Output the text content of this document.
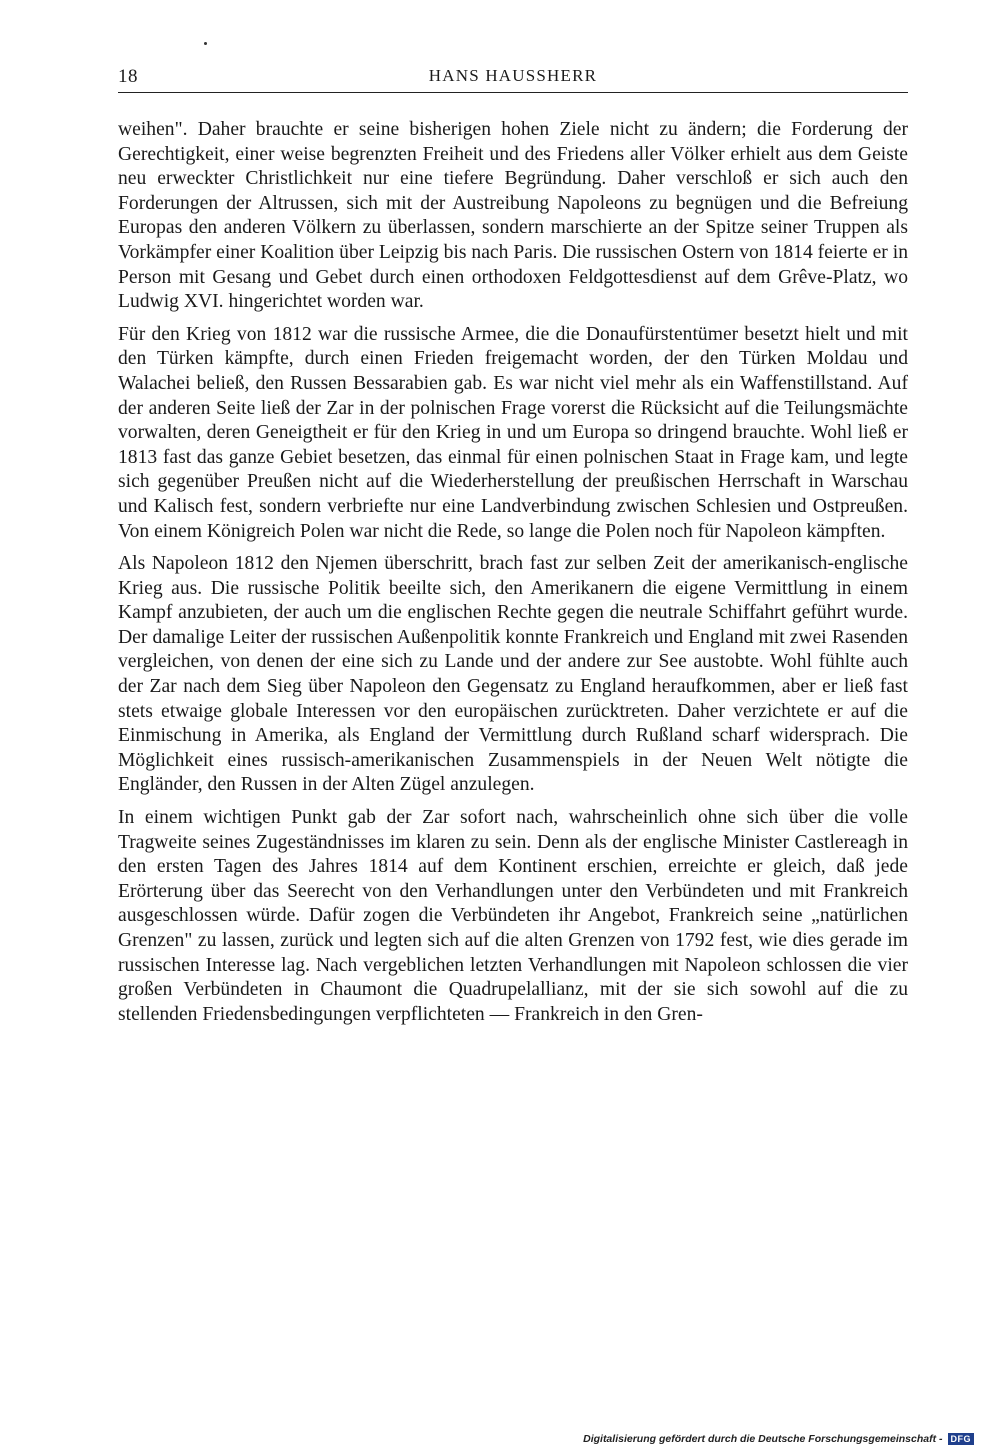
18	HANS HAUSSHERR

weihen". Daher brauchte er seine bisherigen hohen Ziele nicht zu ändern; die Forderung der Gerechtigkeit, einer weise begrenzten Freiheit und des Friedens aller Völker erhielt aus dem Geiste neu erweckter Christlichkeit nur eine tiefere Begründung. Daher verschloß er sich auch den Forderungen der Altrussen, sich mit der Austreibung Napoleons zu begnügen und die Befreiung Europas den anderen Völkern zu überlassen, sondern marschierte an der Spitze seiner Truppen als Vorkämpfer einer Koalition über Leipzig bis nach Paris. Die russischen Ostern von 1814 feierte er in Person mit Gesang und Gebet durch einen orthodoxen Feldgottesdienst auf dem Grêve-Platz, wo Ludwig XVI. hingerichtet worden war.

Für den Krieg von 1812 war die russische Armee, die die Donaufürstentümer besetzt hielt und mit den Türken kämpfte, durch einen Frieden freigemacht worden, der den Türken Moldau und Walachei beließ, den Russen Bessarabien gab. Es war nicht viel mehr als ein Waffenstillstand. Auf der anderen Seite ließ der Zar in der polnischen Frage vorerst die Rücksicht auf die Teilungsmächte vorwalten, deren Geneigtheit er für den Krieg in und um Europa so dringend brauchte. Wohl ließ er 1813 fast das ganze Gebiet besetzen, das einmal für einen polnischen Staat in Frage kam, und legte sich gegenüber Preußen nicht auf die Wiederherstellung der preußischen Herrschaft in Warschau und Kalisch fest, sondern verbriefte nur eine Landverbindung zwischen Schlesien und Ostpreußen. Von einem Königreich Polen war nicht die Rede, so lange die Polen noch für Napoleon kämpften.

Als Napoleon 1812 den Njemen überschritt, brach fast zur selben Zeit der amerikanisch-englische Krieg aus. Die russische Politik beeilte sich, den Amerikanern die eigene Vermittlung in einem Kampf anzubieten, der auch um die englischen Rechte gegen die neutrale Schiffahrt geführt wurde. Der damalige Leiter der russischen Außenpolitik konnte Frankreich und England mit zwei Rasenden vergleichen, von denen der eine sich zu Lande und der andere zur See austobte. Wohl fühlte auch der Zar nach dem Sieg über Napoleon den Gegensatz zu England heraufkommen, aber er ließ fast stets etwaige globale Interessen vor den europäischen zurücktreten. Daher verzichtete er auf die Einmischung in Amerika, als England der Vermittlung durch Rußland scharf widersprach. Die Möglichkeit eines russisch-amerikanischen Zusammenspiels in der Neuen Welt nötigte die Engländer, den Russen in der Alten Zügel anzulegen.

In einem wichtigen Punkt gab der Zar sofort nach, wahrscheinlich ohne sich über die volle Tragweite seines Zugeständnisses im klaren zu sein. Denn als der englische Minister Castlereagh in den ersten Tagen des Jahres 1814 auf dem Kontinent erschien, erreichte er gleich, daß jede Erörterung über das Seerecht von den Verhandlungen unter den Verbündeten und mit Frankreich ausgeschlossen würde. Dafür zogen die Verbündeten ihr Angebot, Frankreich seine „natürlichen Grenzen" zu lassen, zurück und legten sich auf die alten Grenzen von 1792 fest, wie dies gerade im russischen Interesse lag. Nach vergeblichen letzten Verhandlungen mit Napoleon schlossen die vier großen Verbündeten in Chaumont die Quadrupelallianz, mit der sie sich sowohl auf die zu stellenden Friedensbedingungen verpflichteten — Frankreich in den Gren-

Digitalisierung gefördert durch die Deutsche Forschungsgemeinschaft - DFG
